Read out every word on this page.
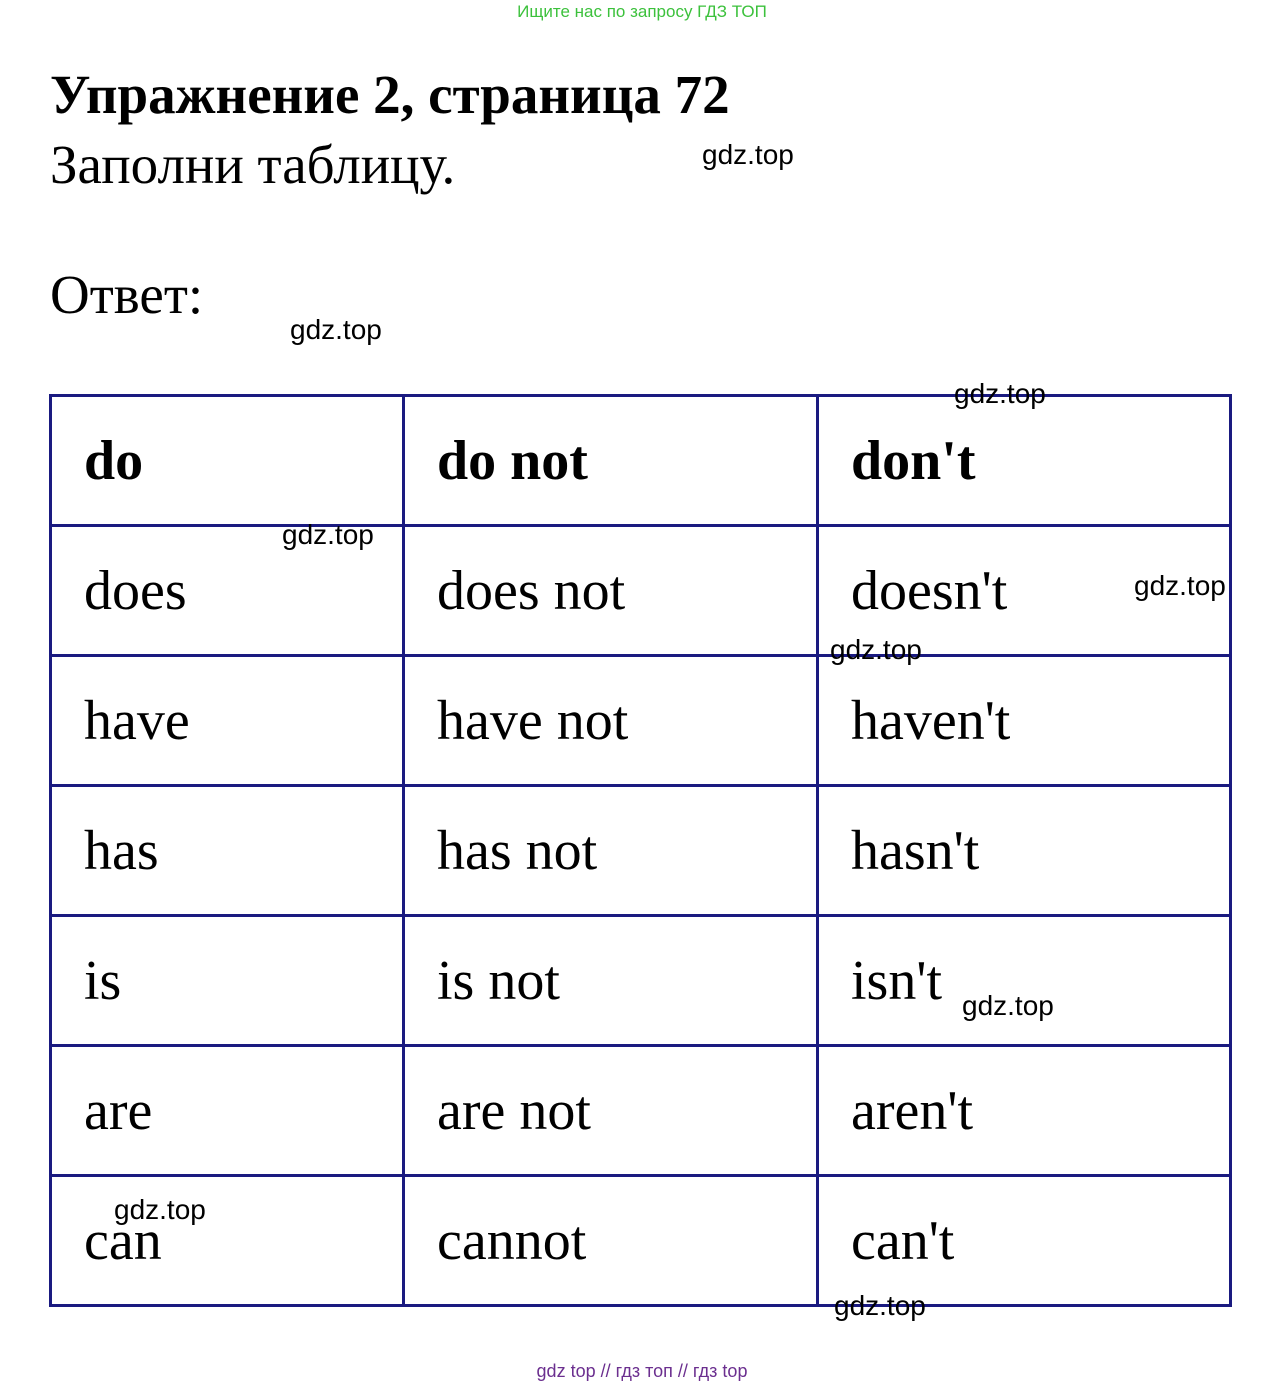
Ищите нас по запросу ГДЗ ТОП
Упражнение 2, страница 72

Заполни таблицу.

Ответ:

do	do not	don't
does	does not	doesn't
have	have not	haven't
has	has not	hasn't
is	is not	isn't
are	are not	aren't
can	cannot	can't
gdz.top
gdz.top
gdz.top
gdz.top
gdz.top
gdz.top
gdz.top
gdz.top
gdz.top
gdz top // гдз топ // гдз top
